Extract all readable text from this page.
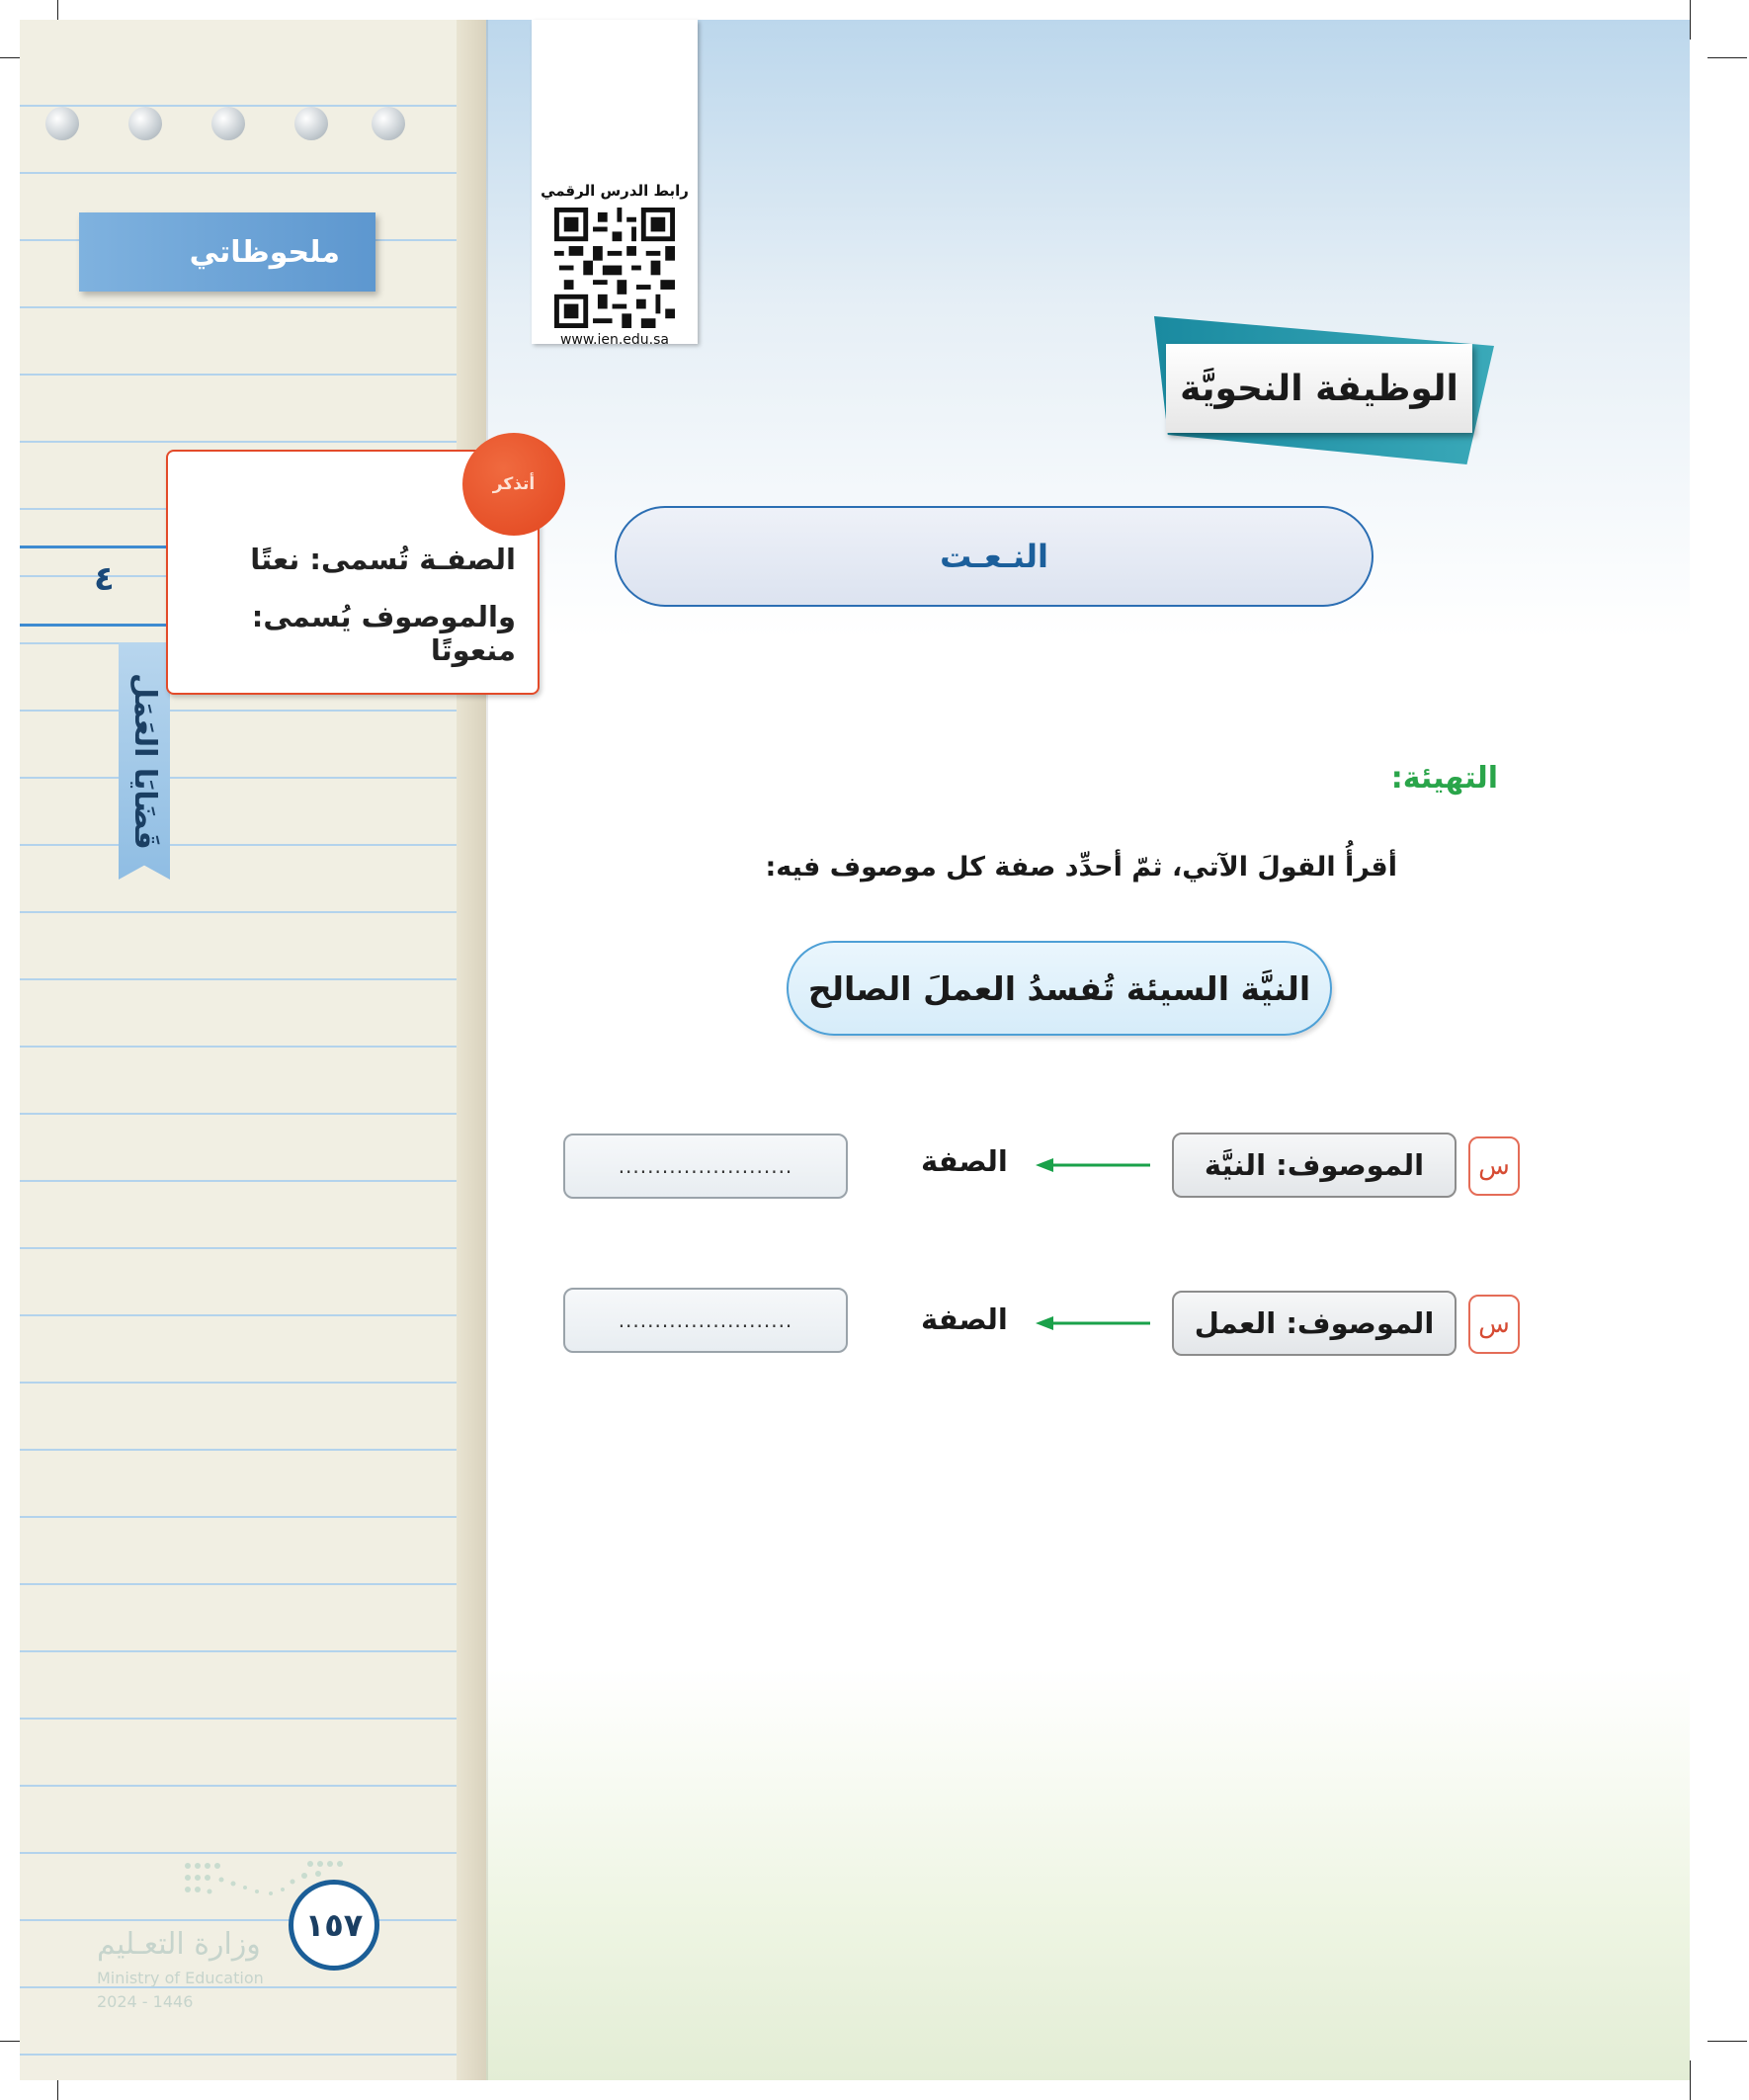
ملحوظاتي
٤
قَضَايَا العَمَل
الصفـة تُسمى: نعتًا
والموصوف يُسمى: منعوتًا
أتذكر
رابط الدرس الرقمي
www.ien.edu.sa
الوظيفة النحويَّة
النـعـت
التهيئة:
أقرأُ القولَ الآتي، ثمّ أحدِّد صفة كل موصوف فيه:
النيَّة السيئة تُفسدُ العملَ الصالح
س
الموصوف: النيَّة
الصفة
........................
س
الموصوف: العمل
الصفة
........................
١٥٧
وزارة التعـليم
Ministry of Education
2024 - 1446
